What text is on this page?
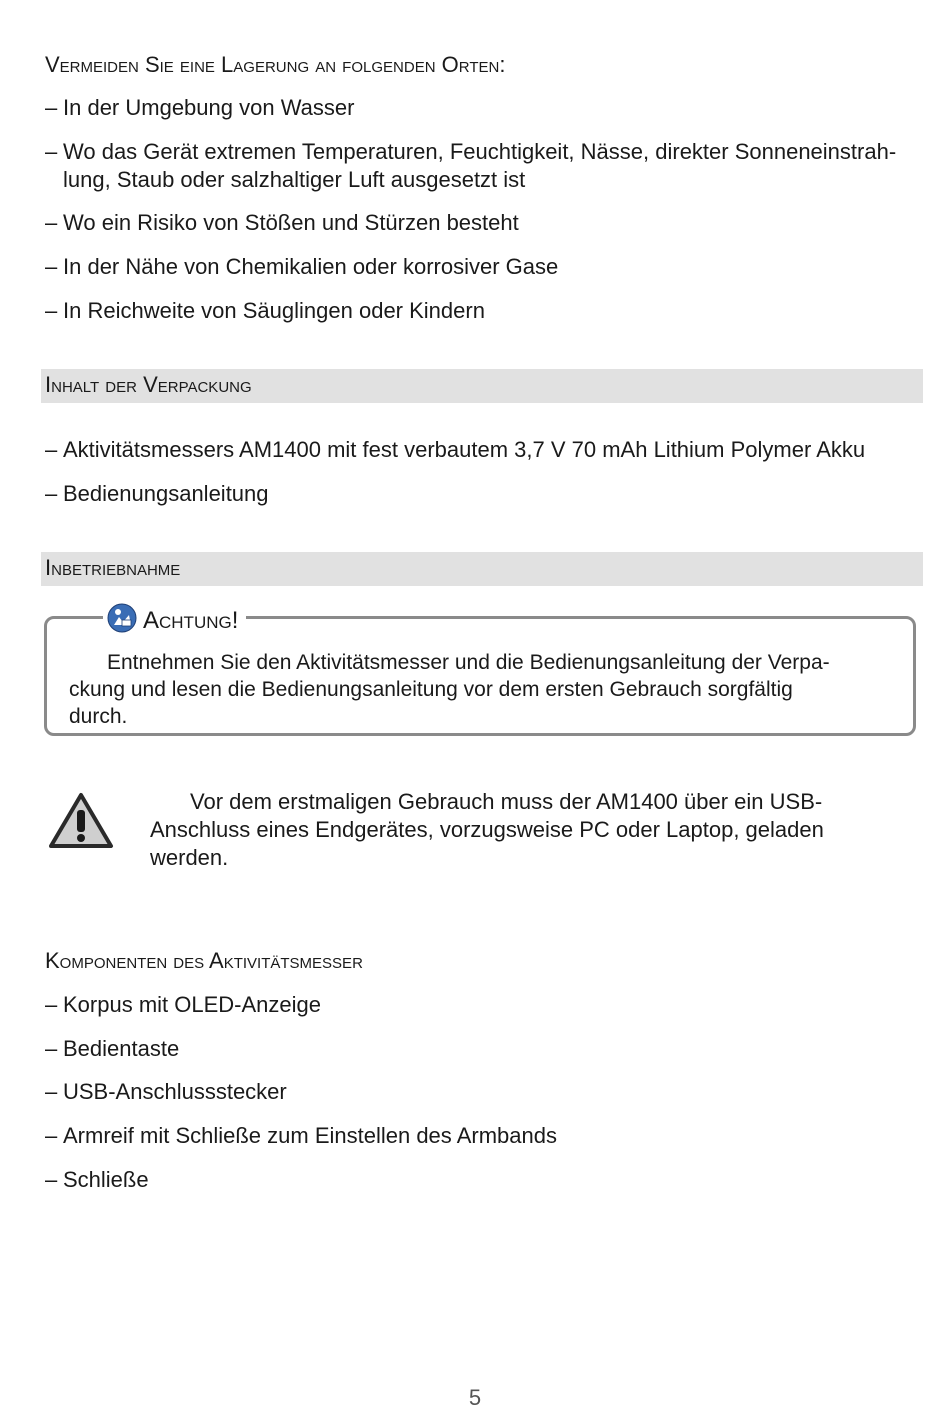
Vermeiden Sie eine Lagerung an folgenden Orten:
– In der Umgebung von Wasser
– Wo das Gerät extremen Temperaturen, Feuchtigkeit, Nässe, direkter Sonneneinstrah-
lung, Staub oder salzhaltiger Luft ausgesetzt ist
– Wo ein Risiko von Stößen und Stürzen besteht
– In der Nähe von Chemikalien oder korrosiver Gase
– In Reichweite von Säuglingen oder Kindern
Inhalt der Verpackung
– Aktivitätsmessers AM1400 mit fest verbautem 3,7 V 70 mAh Lithium Polymer Akku
– Bedienungsanleitung
Inbetriebnahme
Achtung!
Entnehmen Sie den Aktivitätsmesser und die Bedienungsanleitung der Verpa-
ckung und lesen die Bedienungsanleitung vor dem ersten Gebrauch sorgfältig
durch.
Vor dem erstmaligen Gebrauch muss der AM1400 über ein USB-
Anschluss eines Endgerätes, vorzugsweise PC oder Laptop, geladen
werden.
Komponenten des Aktivitätsmesser
– Korpus mit OLED-Anzeige
– Bedientaste
– USB-Anschlussstecker
– Armreif mit Schließe zum Einstellen des Armbands
– Schließe
5
